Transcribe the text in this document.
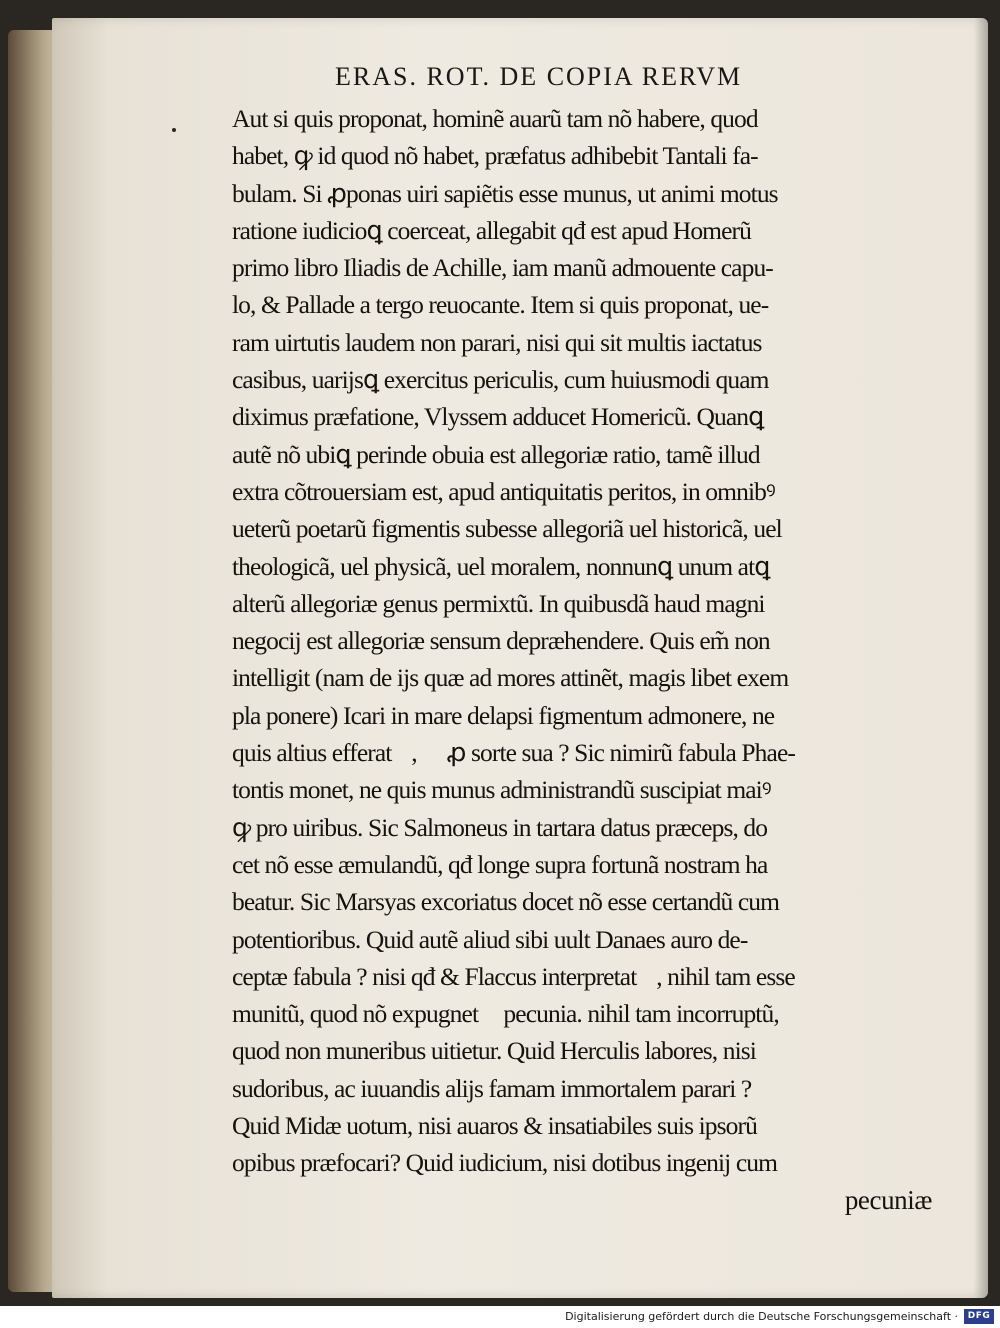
ERAS. ROT. DE COPIA RERVM
Aut si quis proponat, hominẽ auarũ tam nõ habere, quod
habet, ꝙ id quod nõ habet, præfatus adhibebit Tantali fa-
bulam. Si ꝓponas uiri sapiẽtis esse munus, ut animi motus
ratione iudicioꝗ coerceat, allegabit qđ est apud Homerũ
primo libro Iliadis de Achille, iam manũ admouente capu-
lo, & Pallade a tergo reuocante. Item si quis proponat, ue-
ram uirtutis laudem non parari, nisi qui sit multis iactatus
casibus, uarijsꝗ exercitus periculis, cum huiusmodi quam
diximus præfatione, Vlyssem adducet Homericũ. Quanꝗ
autẽ nõ ubiꝗ perinde obuia est allegoriæ ratio, tamẽ illud
extra cõtrouersiam est, apud antiquitatis peritos, in omnibꝰ
ueterũ poetarũ figmentis subesse allegoriã uel historicã, uel
theologicã, uel physicã, uel moralem, nonnunꝗ unum atꝗ
alterũ allegoriæ genus permixtũ. In quibusdã haud magni
negocij est allegoriæ sensum deprӕhendere. Quis em̃ non
intelligit (nam de ijs quæ ad mores attinẽt, magis libet exem
pla ponere) Icari in mare delapsi figmentum admonere, ne
quis altius efferatᷣ, ꝙ ꝓ sorte sua ? Sic nimirũ fabula Phae-
tontis monet, ne quis munus administrandũ suscipiat maiꝰ
ꝙ pro uiribus. Sic Salmoneus in tartara datus præceps, do
cet nõ esse æmulandũ, qđ longe supra fortunã nostram ha
beatur. Sic Marsyas excoriatus docet nõ esse certandũ cum
potentioribus. Quid autẽ aliud sibi uult Danaes auro de-
ceptæ fabula ? nisi qđ & Flaccus interpretatᷣ, nihil tam esse
munitũ, quod nõ expugnetᷣ pecunia. nihil tam incorruptũ,
quod non muneribus uitietur. Quid Herculis labores, nisi
sudoribus, ac iuuandis alijs famam immortalem parari ?
Quid Midæ uotum, nisi auaros & insatiabiles suis ipsorũ
opibus præfocari? Quid iudicium, nisi dotibus ingenij cum
pecuniæ
Digitalisierung gefördert durch die Deutsche Forschungsgemeinschaft ·	DFG
